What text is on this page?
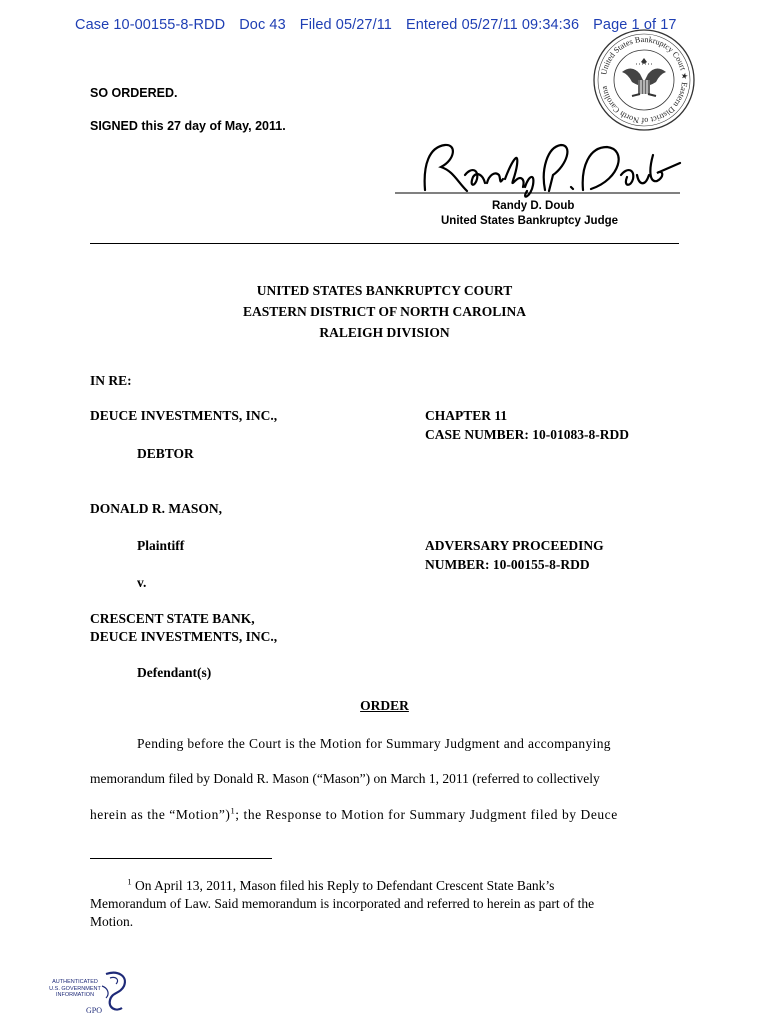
Case 10-00155-8-RDD Doc 43 Filed 05/27/11 Entered 05/27/11 09:34:36 Page 1 of 17
United States Bankruptcy Court ★ Eastern District of North Carolina
SO ORDERED.
SIGNED this 27 day of May, 2011.
Randy D. Doub
United States Bankruptcy Judge
UNITED STATES BANKRUPTCY COURT
EASTERN DISTRICT OF NORTH CAROLINA
RALEIGH DIVISION
IN RE:
DEUCE INVESTMENTS, INC.,
DEBTOR
CHAPTER 11
CASE NUMBER: 10-01083-8-RDD
DONALD R. MASON,
Plaintiff
v.
ADVERSARY PROCEEDING
NUMBER: 10-00155-8-RDD
CRESCENT STATE BANK,
DEUCE INVESTMENTS, INC.,
Defendant(s)
ORDER
Pending before the Court is the Motion for Summary Judgment and accompanying
memorandum filed by Donald R. Mason (“Mason”) on March 1, 2011 (referred to collectively
herein as the “Motion”)$^1$; the Response to Motion for Summary Judgment filed by Deuce
$^1$ On April 13, 2011, Mason filed his Reply to Defendant Crescent State Bank’s
Memorandum of Law. Said memorandum is incorporated and referred to herein as part of the
Motion.
AUTHENTICATED
U.S. GOVERNMENT
INFORMATION
GPO
